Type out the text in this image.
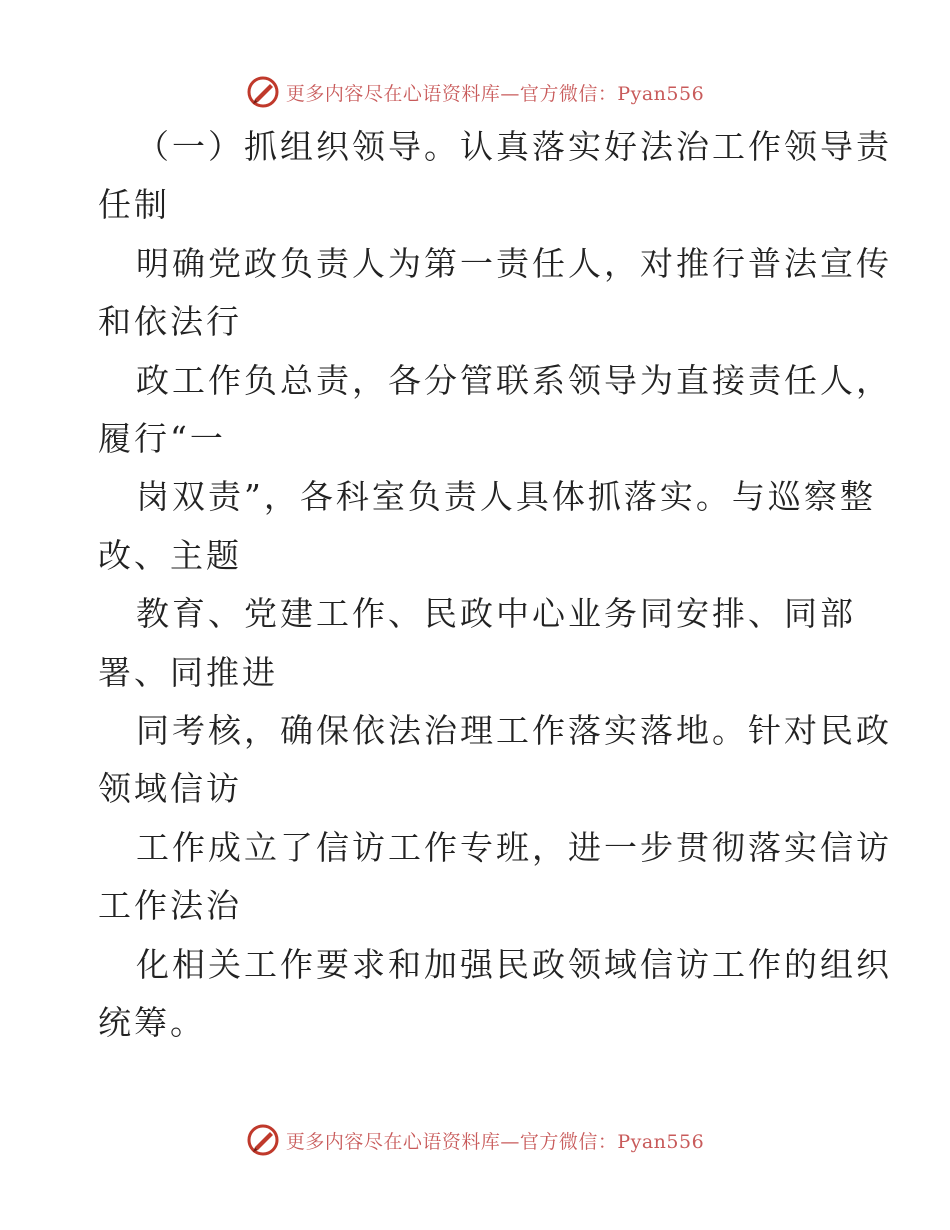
更多内容尽在心语资料库—官方微信：Pyan556

（一）抓组织领导。认真落实好法治工作领导责
任制

明确党政负责人为第一责任人，对推行普法宣传
和依法行

政工作负总责，各分管联系领导为直接责任人，
履行“一

岗双责”，各科室负责人具体抓落实。与巡察整
改、主题

教育、党建工作、民政中心业务同安排、同部
署、同推进

同考核，确保依法治理工作落实落地。针对民政
领域信访

工作成立了信访工作专班，进一步贯彻落实信访
工作法治

化相关工作要求和加强民政领域信访工作的组织
统筹。

更多内容尽在心语资料库—官方微信：Pyan556
